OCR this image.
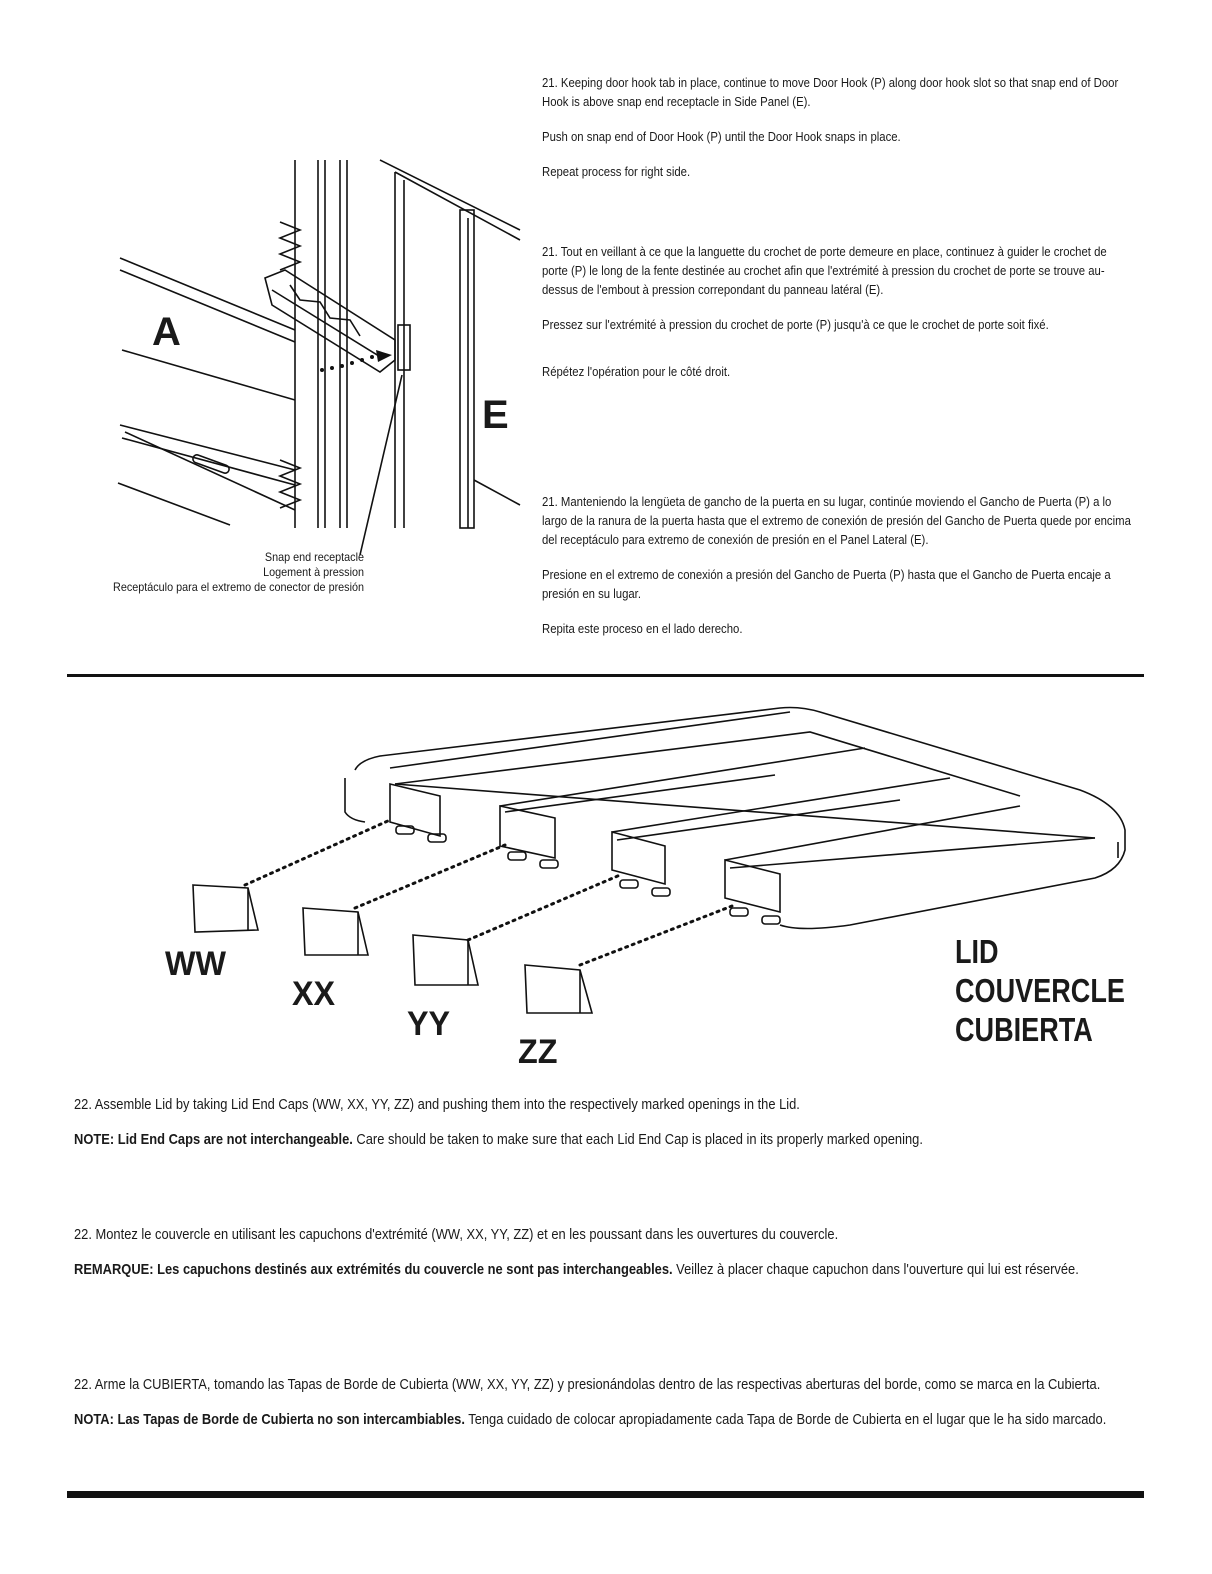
A
E
Snap end receptacle
Logement à pression
Receptáculo para el extremo de conector de presión
21. Keeping door hook tab in place, continue to move Door Hook (P) along door hook slot so that snap end of Door Hook is above snap end receptacle in Side Panel (E).
Push on snap end of Door Hook (P) until the Door Hook snaps in place.
Repeat process for right side.
21. Tout en veillant à ce que la languette du crochet de porte demeure en place, continuez à guider le crochet de porte (P) le long de la fente destinée au crochet afin que l'extrémité à pression du crochet de porte se trouve au-dessus de l'embout à pression correpondant du panneau latéral (E).
Pressez sur l'extrémité à pression du crochet de porte (P) jusqu'à ce que le crochet de porte soit fixé.
Répétez l'opération pour le côté droit.
21. Manteniendo la lengüeta de gancho de la puerta en su lugar, continúe moviendo el Gancho de Puerta (P) a lo largo de la ranura de la puerta hasta que el extremo de conexión de presión del Gancho de Puerta quede por encima del receptáculo para extremo de conexión de presión en el Panel Lateral (E).
Presione en el extremo de conexión a presión del Gancho de Puerta (P) hasta que el Gancho de Puerta encaje a presión en su lugar.
Repita este proceso en el lado derecho.
WW
XX
YY
ZZ
LID
COUVERCLE
CUBIERTA
22. Assemble Lid by taking Lid End Caps (WW, XX, YY, ZZ) and pushing them into the respectively marked openings in the Lid.
NOTE: Lid End Caps are not interchangeable. Care should be taken to make sure that each Lid End Cap is placed in its properly marked opening.
22. Montez le couvercle en utilisant les capuchons d'extrémité (WW, XX, YY, ZZ) et en les poussant dans les ouvertures du couvercle.
REMARQUE: Les capuchons destinés aux extrémités du couvercle ne sont pas interchangeables. Veillez à placer chaque capuchon dans l'ouverture qui lui est réservée.
22. Arme la CUBIERTA, tomando las Tapas de Borde de Cubierta (WW, XX, YY, ZZ) y presionándolas dentro de las respectivas aberturas del borde, como se marca en la Cubierta.
NOTA: Las Tapas de Borde de Cubierta no son intercambiables. Tenga cuidado de colocar apropiadamente cada Tapa de Borde de Cubierta en el lugar que le ha sido marcado.
